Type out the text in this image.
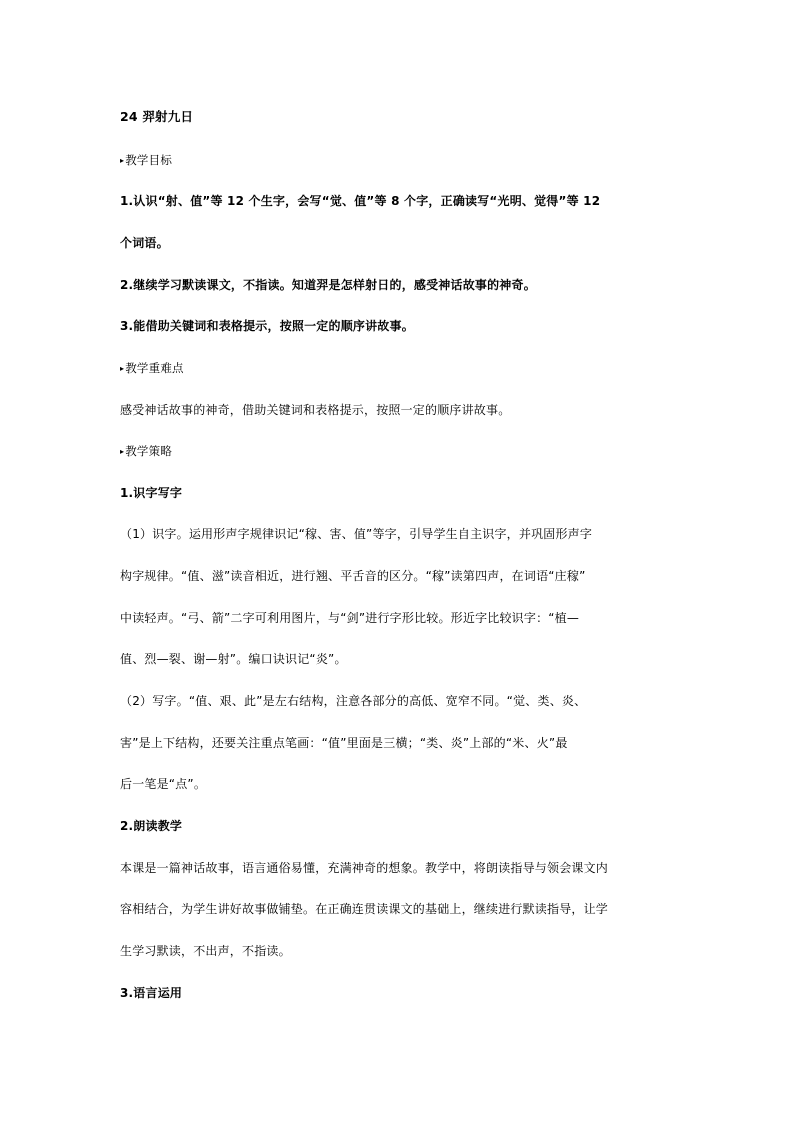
24 羿射九日
▸教学目标
1.认识“射、值”等 12 个生字，会写“觉、值”等 8 个字，正确读写“光明、觉得”等 12
个词语。
2.继续学习默读课文，不指读。知道羿是怎样射日的，感受神话故事的神奇。
3.能借助关键词和表格提示，按照一定的顺序讲故事。
▸教学重难点
感受神话故事的神奇，借助关键词和表格提示，按照一定的顺序讲故事。
▸教学策略
1.识字写字
（1）识字。运用形声字规律识记“稼、害、值”等字，引导学生自主识字，并巩固形声字
构字规律。“值、滋”读音相近，进行翘、平舌音的区分。“稼”读第四声，在词语“庄稼”
中读轻声。“弓、箭”二字可利用图片，与“剑”进行字形比较。形近字比较识字：“植—
值、烈—裂、谢—射”。编口诀识记“炎”。
（2）写字。“值、艰、此”是左右结构，注意各部分的高低、宽窄不同。“觉、类、炎、
害”是上下结构，还要关注重点笔画：“值”里面是三横；“类、炎”上部的“米、火”最
后一笔是“点”。
2.朗读教学
本课是一篇神话故事，语言通俗易懂，充满神奇的想象。教学中，将朗读指导与领会课文内
容相结合，为学生讲好故事做铺垫。在正确连贯读课文的基础上，继续进行默读指导，让学
生学习默读，不出声，不指读。
3.语言运用
